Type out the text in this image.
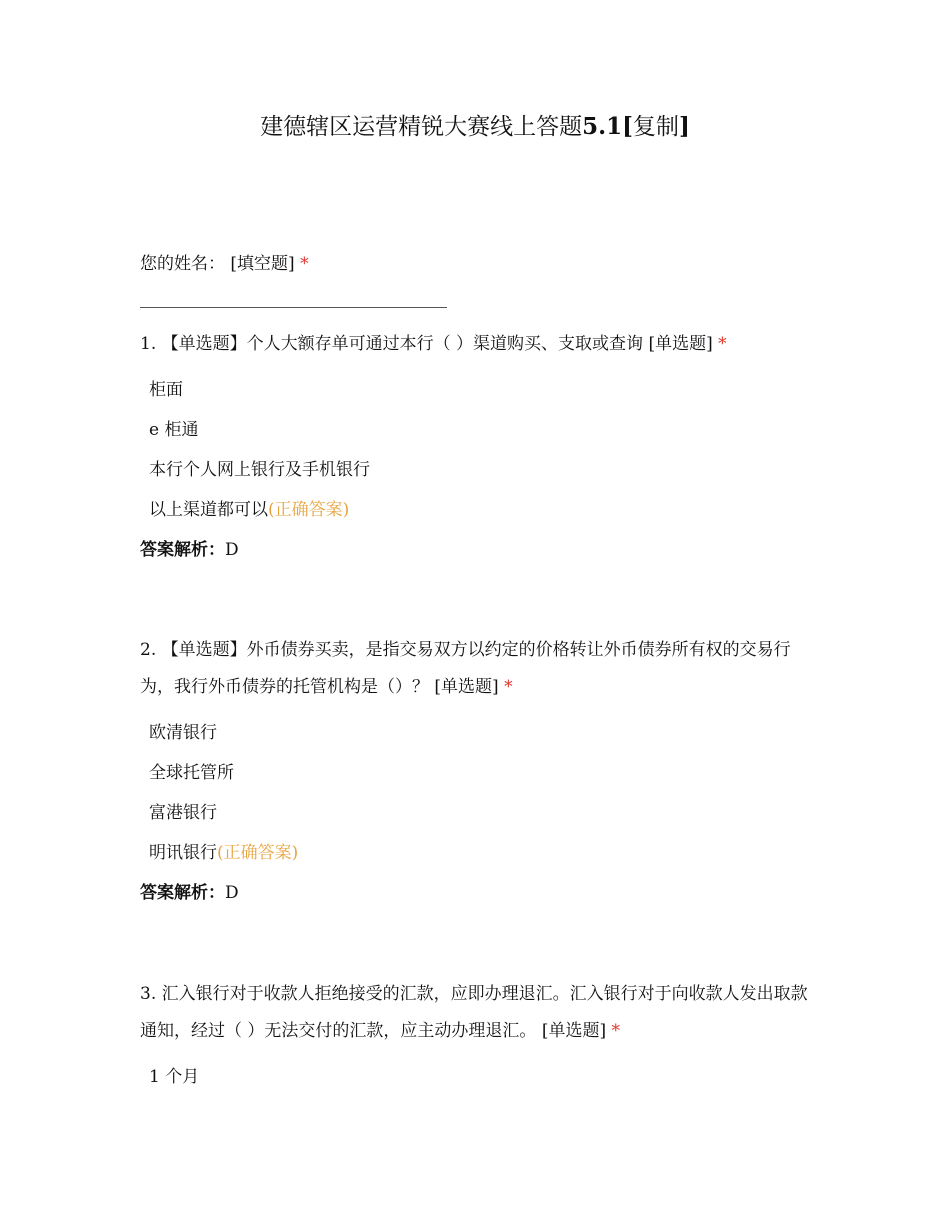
建德辖区运营精锐大赛线上答题5.1[复制]
您的姓名： [填空题] *

1. 【单选题】个人大额存单可通过本行（ ）渠道购买、支取或查询 [单选题] *

柜面
e 柜通
本行个人网上银行及手机银行
以上渠道都可以(正确答案)
答案解析：D

2. 【单选题】外币债券买卖，是指交易双方以约定的价格转让外币债券所有权的交易行为，我行外币债券的托管机构是（）？ [单选题] *

欧清银行
全球托管所
富港银行
明讯银行(正确答案)
答案解析：D

3. 汇入银行对于收款人拒绝接受的汇款，应即办理退汇。汇入银行对于向收款人发出取款通知，经过（ ）无法交付的汇款，应主动办理退汇。 [单选题] *

1 个月
